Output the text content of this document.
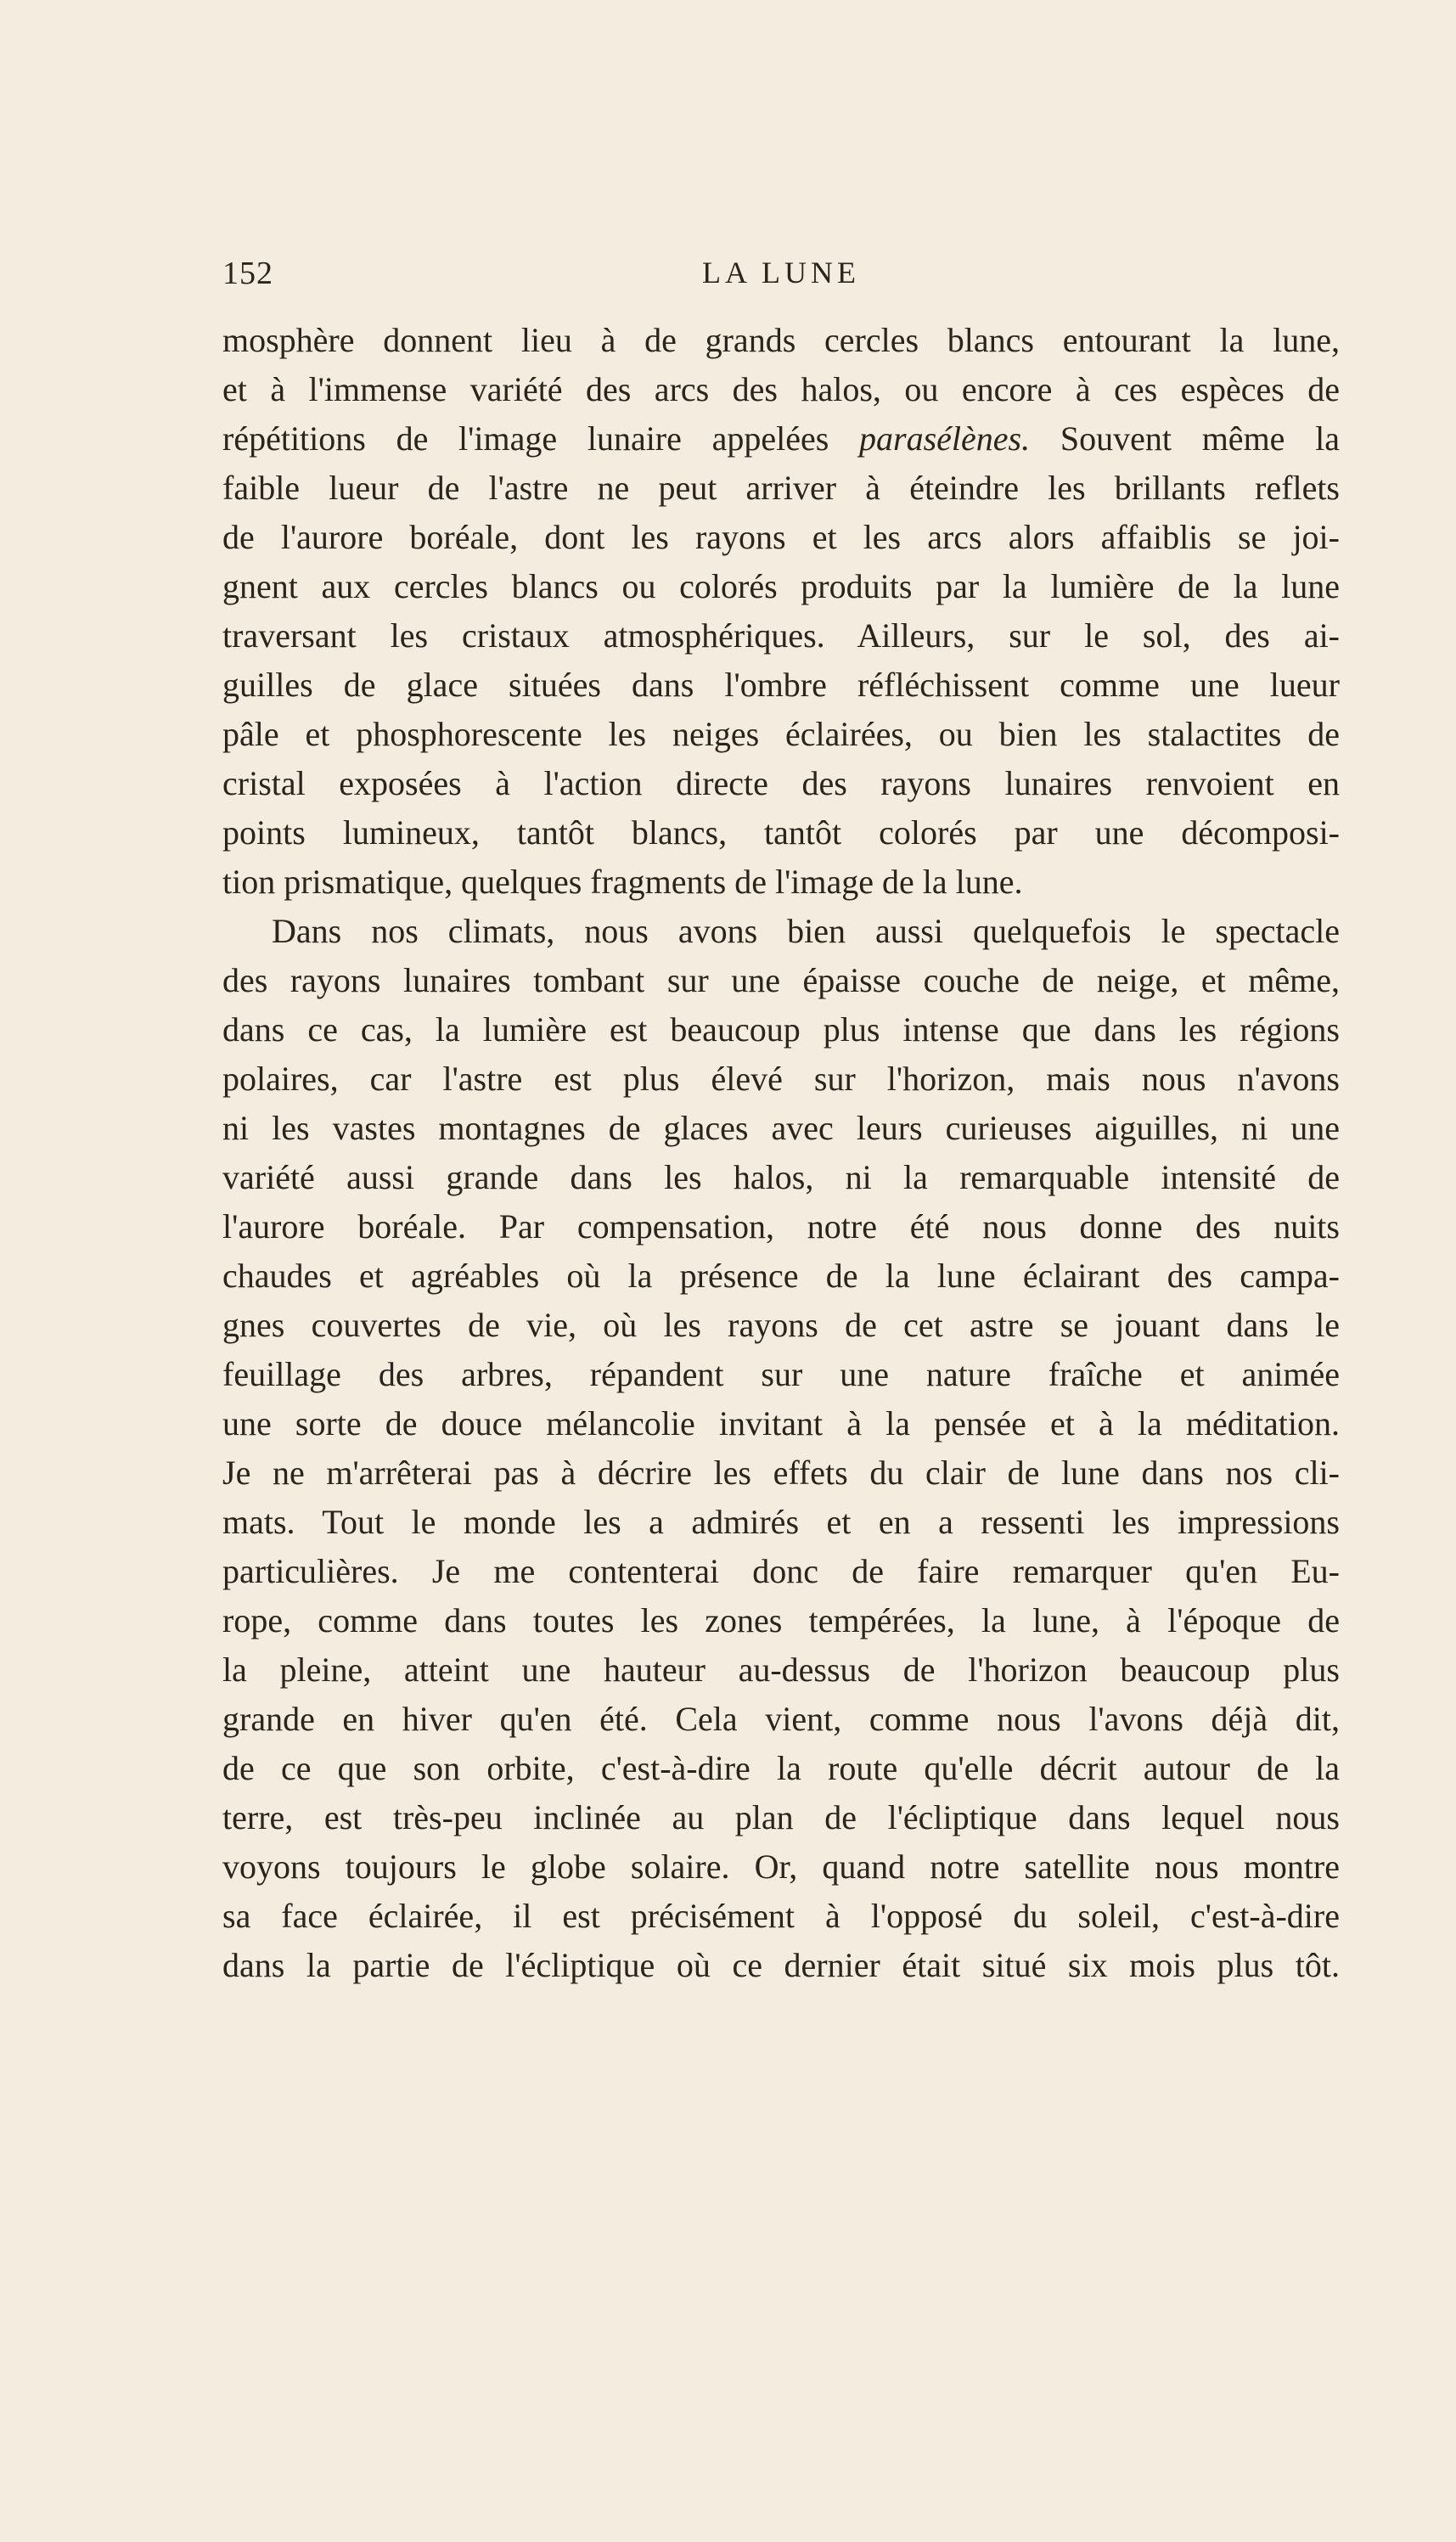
152	LA LUNE
mosphère donnent lieu à de grands cercles blancs entourant la lune,
et à l'immense variété des arcs des halos, ou encore à ces espèces de
répétitions de l'image lunaire appelées parasélènes. Souvent même la
faible lueur de l'astre ne peut arriver à éteindre les brillants reflets
de l'aurore boréale, dont les rayons et les arcs alors affaiblis se joi-
gnent aux cercles blancs ou colorés produits par la lumière de la lune
traversant les cristaux atmosphériques. Ailleurs, sur le sol, des ai-
guilles de glace situées dans l'ombre réfléchissent comme une lueur
pâle et phosphorescente les neiges éclairées, ou bien les stalactites de
cristal exposées à l'action directe des rayons lunaires renvoient en
points lumineux, tantôt blancs, tantôt colorés par une décomposi-
tion prismatique, quelques fragments de l'image de la lune.
Dans nos climats, nous avons bien aussi quelquefois le spectacle
des rayons lunaires tombant sur une épaisse couche de neige, et même,
dans ce cas, la lumière est beaucoup plus intense que dans les régions
polaires, car l'astre est plus élevé sur l'horizon, mais nous n'avons
ni les vastes montagnes de glaces avec leurs curieuses aiguilles, ni une
variété aussi grande dans les halos, ni la remarquable intensité de
l'aurore boréale. Par compensation, notre été nous donne des nuits
chaudes et agréables où la présence de la lune éclairant des campa-
gnes couvertes de vie, où les rayons de cet astre se jouant dans le
feuillage des arbres, répandent sur une nature fraîche et animée
une sorte de douce mélancolie invitant à la pensée et à la méditation.
Je ne m'arrêterai pas à décrire les effets du clair de lune dans nos cli-
mats. Tout le monde les a admirés et en a ressenti les impressions
particulières. Je me contenterai donc de faire remarquer qu'en Eu-
rope, comme dans toutes les zones tempérées, la lune, à l'époque de
la pleine, atteint une hauteur au-dessus de l'horizon beaucoup plus
grande en hiver qu'en été. Cela vient, comme nous l'avons déjà dit,
de ce que son orbite, c'est-à-dire la route qu'elle décrit autour de la
terre, est très-peu inclinée au plan de l'écliptique dans lequel nous
voyons toujours le globe solaire. Or, quand notre satellite nous montre
sa face éclairée, il est précisément à l'opposé du soleil, c'est-à-dire
dans la partie de l'écliptique où ce dernier était situé six mois plus tôt.
